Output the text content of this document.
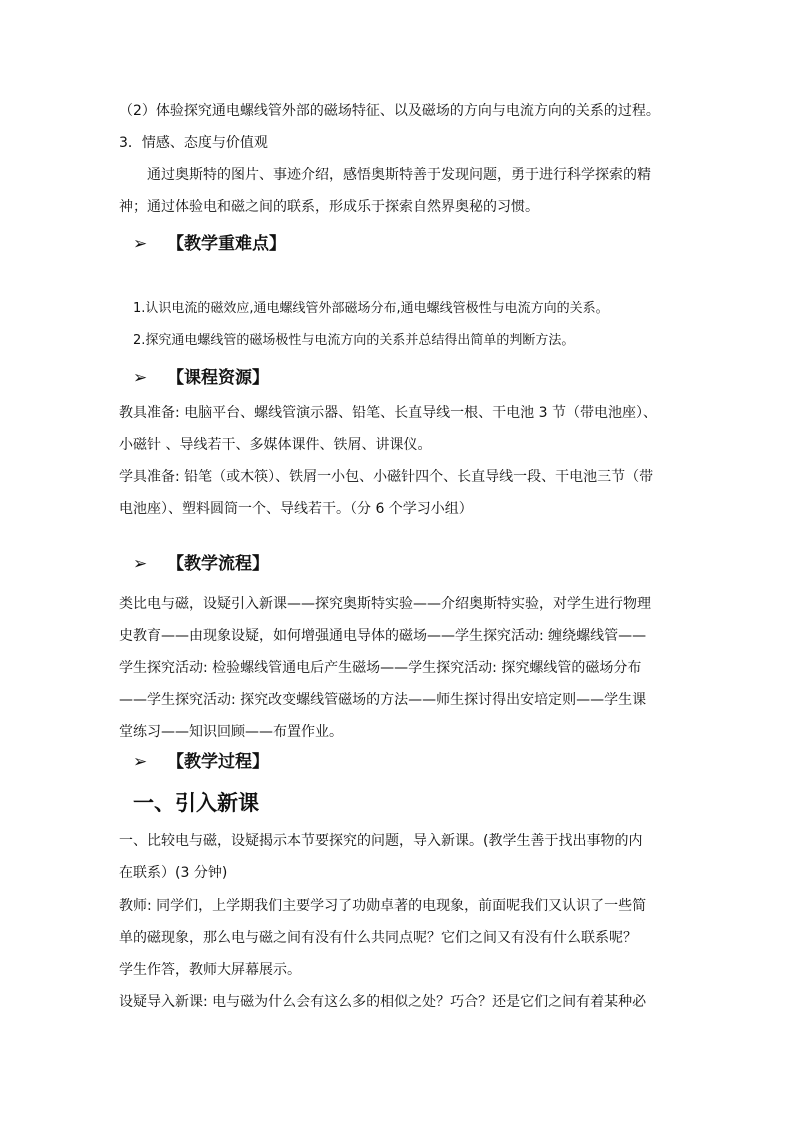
（2）体验探究通电螺线管外部的磁场特征、以及磁场的方向与电流方向的关系的过程。
3．情感、态度与价值观
通过奥斯特的图片、事迹介绍，感悟奥斯特善于发现问题，勇于进行科学探索的精
神；通过体验电和磁之间的联系，形成乐于探索自然界奥秘的习惯。
➢ 【教学重难点】
1.认识电流的磁效应,通电螺线管外部磁场分布,通电螺线管极性与电流方向的关系。
2.探究通电螺线管的磁场极性与电流方向的关系并总结得出简单的判断方法。
➢ 【课程资源】
教具准备: 电脑平台、螺线管演示器、铅笔、长直导线一根、干电池 3 节（带电池座）、
小磁针 、导线若干、多媒体课件、铁屑、讲课仪。
学具准备: 铅笔（或木筷）、铁屑一小包、小磁针四个、长直导线一段、干电池三节（带
电池座）、塑料圆筒一个、导线若干。（分 6 个学习小组）
➢ 【教学流程】
类比电与磁，设疑引入新课——探究奥斯特实验——介绍奥斯特实验，对学生进行物理
史教育——由现象设疑，如何增强通电导体的磁场——学生探究活动: 缠绕螺线管——
学生探究活动: 检验螺线管通电后产生磁场——学生探究活动: 探究螺线管的磁场分布
——学生探究活动: 探究改变螺线管磁场的方法——师生探讨得出安培定则——学生课
堂练习——知识回顾——布置作业。
➢ 【教学过程】
一、引入新课
一、比较电与磁，设疑揭示本节要探究的问题，导入新课。(教学生善于找出事物的内
在联系）(3 分钟)
教师: 同学们，上学期我们主要学习了功勋卓著的电现象，前面呢我们又认识了一些简
单的磁现象，那么电与磁之间有没有什么共同点呢？它们之间又有没有什么联系呢？
学生作答，教师大屏幕展示。
设疑导入新课: 电与磁为什么会有这么多的相似之处？巧合？还是它们之间有着某种必
